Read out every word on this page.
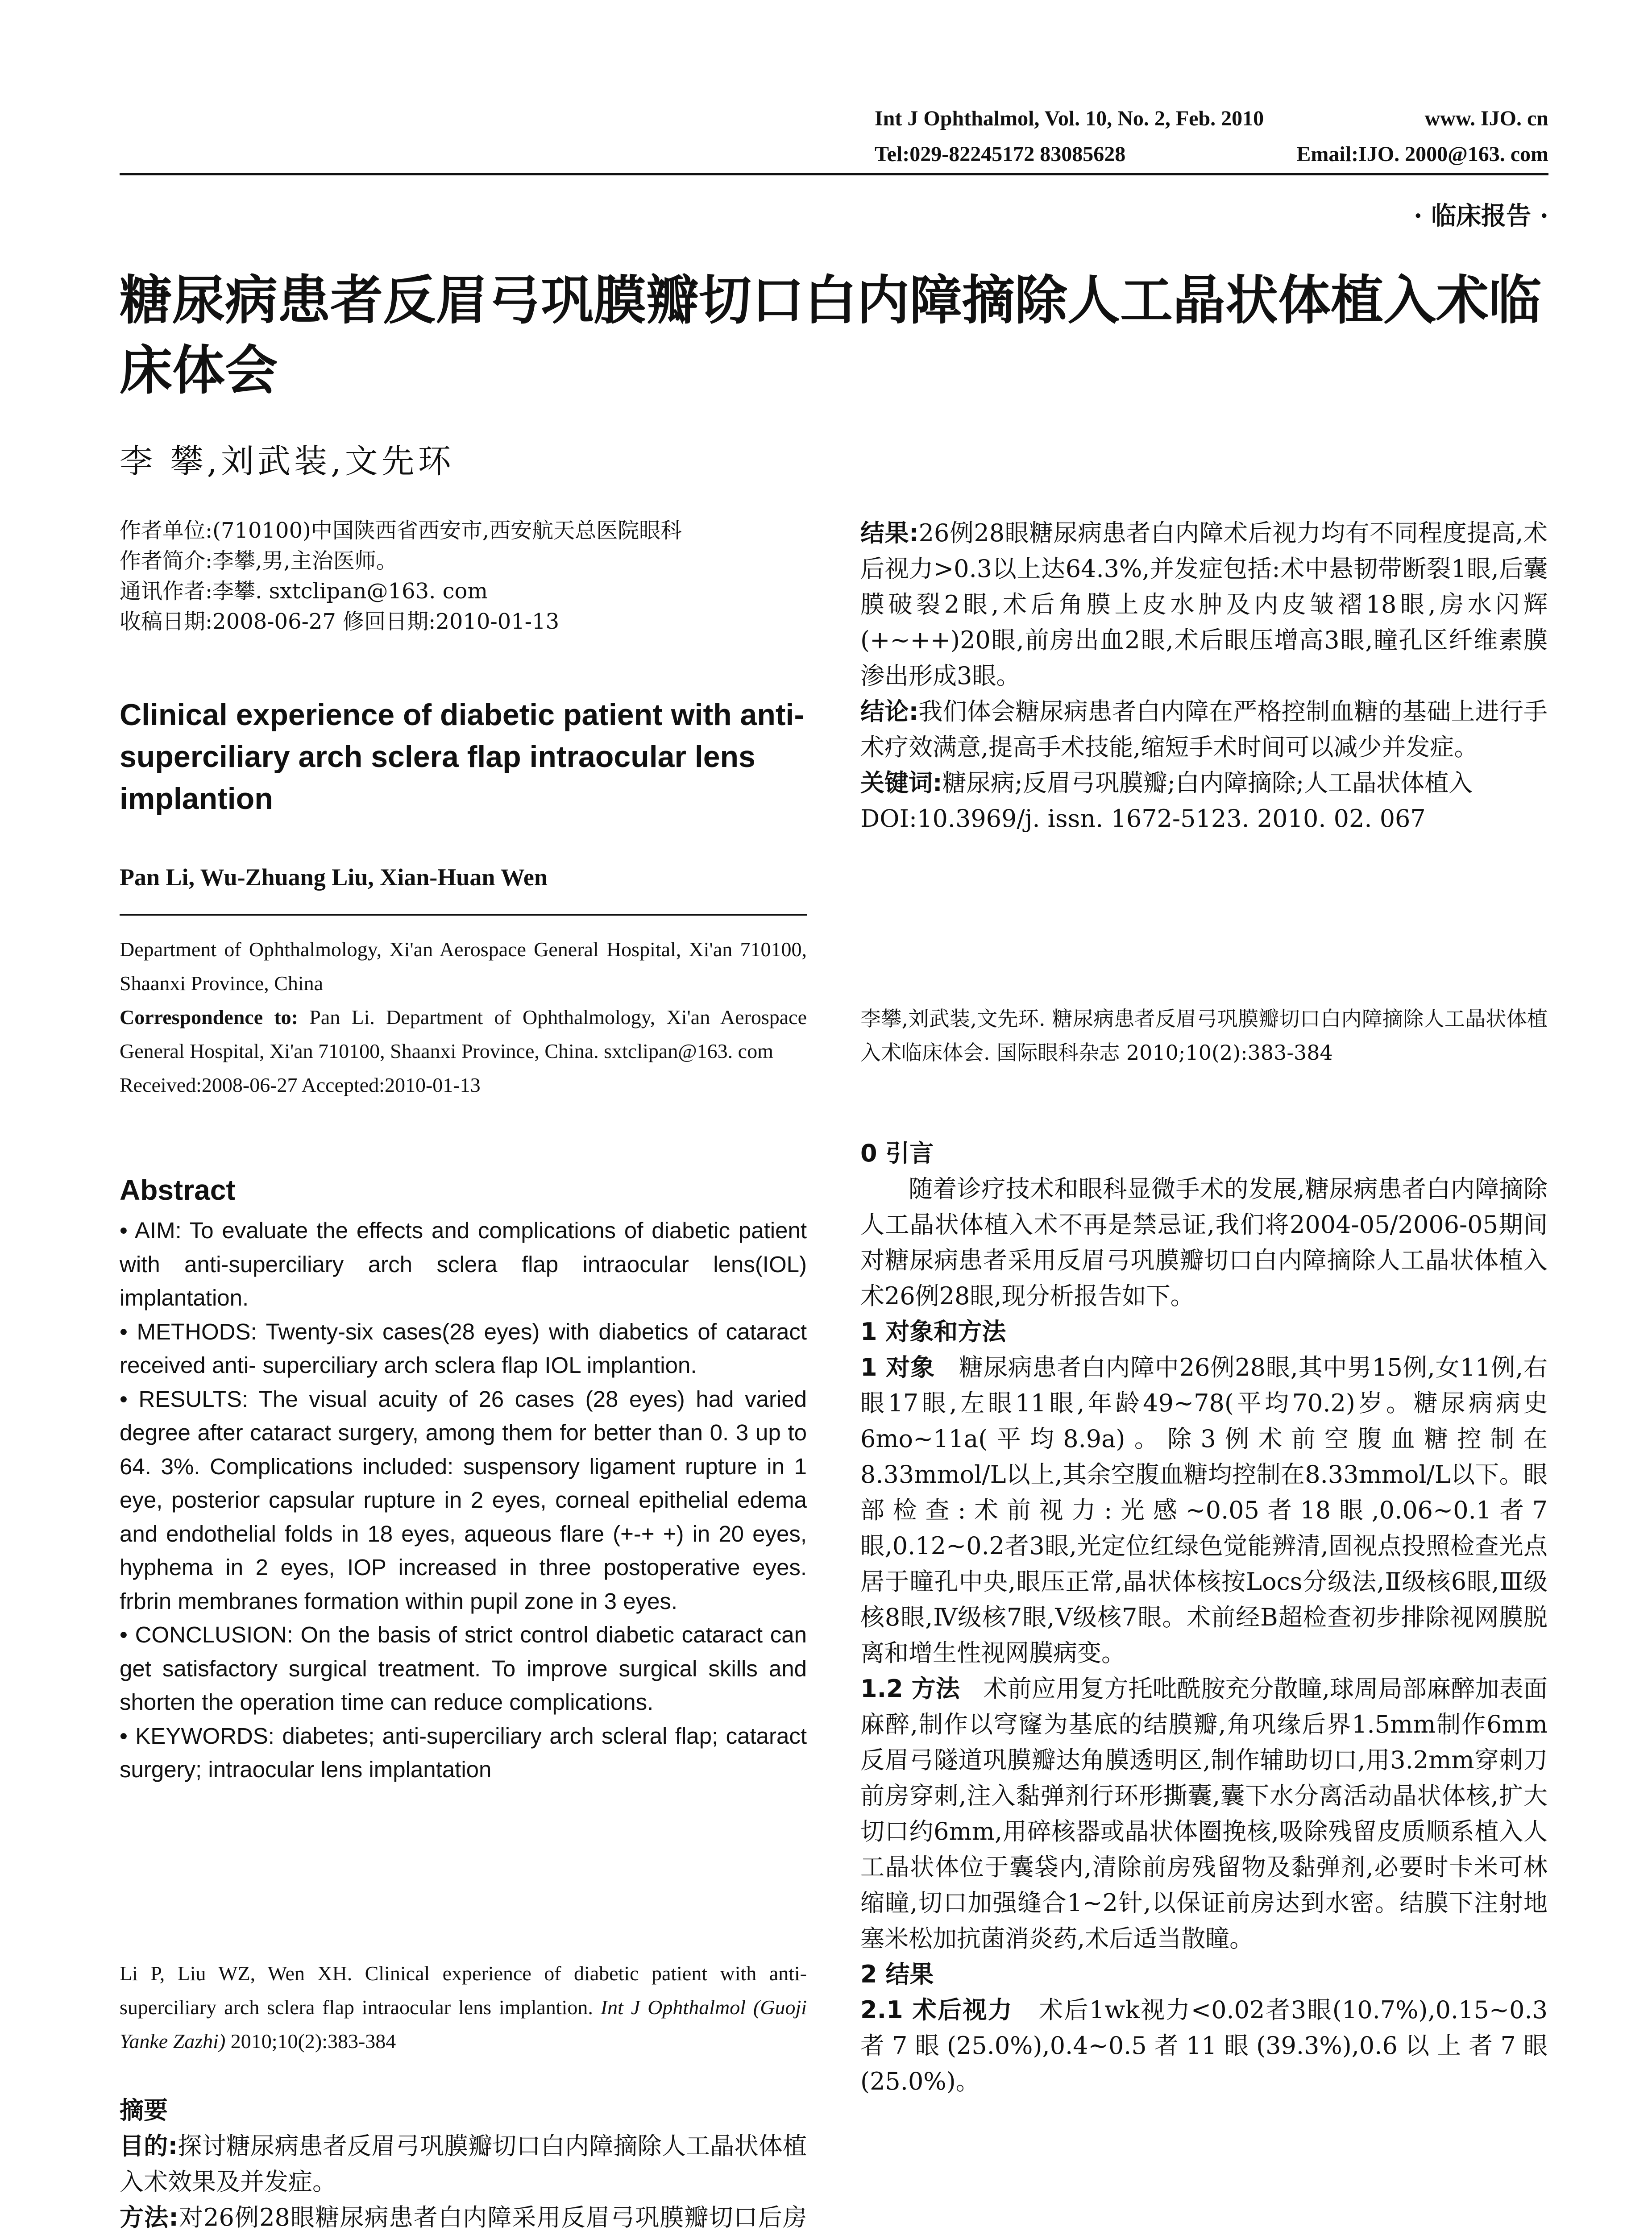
Int J Ophthalmol, Vol. 10, No. 2, Feb. 2010	www. IJO. cn
Tel:029-82245172 83085628	Email:IJO. 2000@163. com
· 临床报告 ·
糖尿病患者反眉弓巩膜瓣切口白内障摘除人工晶状体植入术临床体会
李 攀,刘武装,文先环
作者单位:(710100)中国陕西省西安市,西安航天总医院眼科
作者简介:李攀,男,主治医师。
通讯作者:李攀. sxtclipan@163. com
收稿日期:2008-06-27 修回日期:2010-01-13
Clinical experience of diabetic patient with anti-superciliary arch sclera flap intraocular lens implantion
Pan Li, Wu-Zhuang Liu, Xian-Huan Wen
Department of Ophthalmology, Xi'an Aerospace General Hospital, Xi'an 710100, Shaanxi Province, China
Correspondence to: Pan Li. Department of Ophthalmology, Xi'an Aerospace General Hospital, Xi'an 710100, Shaanxi Province, China. sxtclipan@163. com
Received:2008-06-27 Accepted:2010-01-13
Abstract

• AIM: To evaluate the effects and complications of diabetic patient with anti-superciliary arch sclera flap intraocular lens(IOL) implantation.

• METHODS: Twenty-six cases(28 eyes) with diabetics of cataract received anti- superciliary arch sclera flap IOL implantion.

• RESULTS: The visual acuity of 26 cases (28 eyes) had varied degree after cataract surgery, among them for better than 0. 3 up to 64. 3%. Complications included: suspensory ligament rupture in 1 eye, posterior capsular rupture in 2 eyes, corneal epithelial edema and endothelial folds in 18 eyes, aqueous flare (+-+ +) in 20 eyes, hyphema in 2 eyes, IOP increased in three postoperative eyes. frbrin membranes formation within pupil zone in 3 eyes.

• CONCLUSION: On the basis of strict control diabetic cataract can get satisfactory surgical treatment. To improve surgical skills and shorten the operation time can reduce complications.

• KEYWORDS: diabetes; anti-superciliary arch scleral flap; cataract surgery; intraocular lens implantation

Li P, Liu WZ, Wen XH. Clinical experience of diabetic patient with anti-superciliary arch sclera flap intraocular lens implantion. Int J Ophthalmol (Guoji Yanke Zazhi) 2010;10(2):383-384

摘要

目的:探讨糖尿病患者反眉弓巩膜瓣切口白内障摘除人工晶状体植入术效果及并发症。

方法:对26例28眼糖尿病患者白内障采用反眉弓巩膜瓣切口后房

结果:26例28眼糖尿病患者白内障术后视力均有不同程度提高,术后视力>0.3以上达64.3%,并发症包括:术中悬韧带断裂1眼,后囊膜破裂2眼,术后角膜上皮水肿及内皮皱褶18眼,房水闪辉(+~++)20眼,前房出血2眼,术后眼压增高3眼,瞳孔区纤维素膜渗出形成3眼。

结论:我们体会糖尿病患者白内障在严格控制血糖的基础上进行手术疗效满意,提高手术技能,缩短手术时间可以减少并发症。

关键词:糖尿病;反眉弓巩膜瓣;白内障摘除;人工晶状体植入

DOI:10.3969/j. issn. 1672-5123. 2010. 02. 067

李攀,刘武装,文先环. 糖尿病患者反眉弓巩膜瓣切口白内障摘除人工晶状体植入术临床体会. 国际眼科杂志 2010;10(2):383-384

0 引言

随着诊疗技术和眼科显微手术的发展,糖尿病患者白内障摘除人工晶状体植入术不再是禁忌证,我们将2004-05/2006-05期间对糖尿病患者采用反眉弓巩膜瓣切口白内障摘除人工晶状体植入术26例28眼,现分析报告如下。

1 对象和方法

1 对象 糖尿病患者白内障中26例28眼,其中男15例,女11例,右眼17眼,左眼11眼,年龄49~78(平均70.2)岁。糖尿病病史6mo~11a(平均8.9a)。除3例术前空腹血糖控制在8.33mmol/L以上,其余空腹血糖均控制在8.33mmol/L以下。眼部检查:术前视力:光感~0.05者18眼,0.06~0.1者7眼,0.12~0.2者3眼,光定位红绿色觉能辨清,固视点投照检查光点居于瞳孔中央,眼压正常,晶状体核按Locs分级法,Ⅱ级核6眼,Ⅲ级核8眼,Ⅳ级核7眼,Ⅴ级核7眼。术前经B超检查初步排除视网膜脱离和增生性视网膜病变。

1.2 方法 术前应用复方托吡酰胺充分散瞳,球周局部麻醉加表面麻醉,制作以穹窿为基底的结膜瓣,角巩缘后界1.5mm制作6mm反眉弓隧道巩膜瓣达角膜透明区,制作辅助切口,用3.2mm穿刺刀前房穿刺,注入黏弹剂行环形撕囊,囊下水分离活动晶状体核,扩大切口约6mm,用碎核器或晶状体圈挽核,吸除残留皮质顺系植入人工晶状体位于囊袋内,清除前房残留物及黏弹剂,必要时卡米可林缩瞳,切口加强缝合1~2针,以保证前房达到水密。结膜下注射地塞米松加抗菌消炎药,术后适当散瞳。

2 结果

2.1 术后视力 术后1wk视力<0.02者3眼(10.7%),0.15~0.3者7眼(25.0%),0.4~0.5者11眼(39.3%),0.6以上者7眼(25.0%)。
